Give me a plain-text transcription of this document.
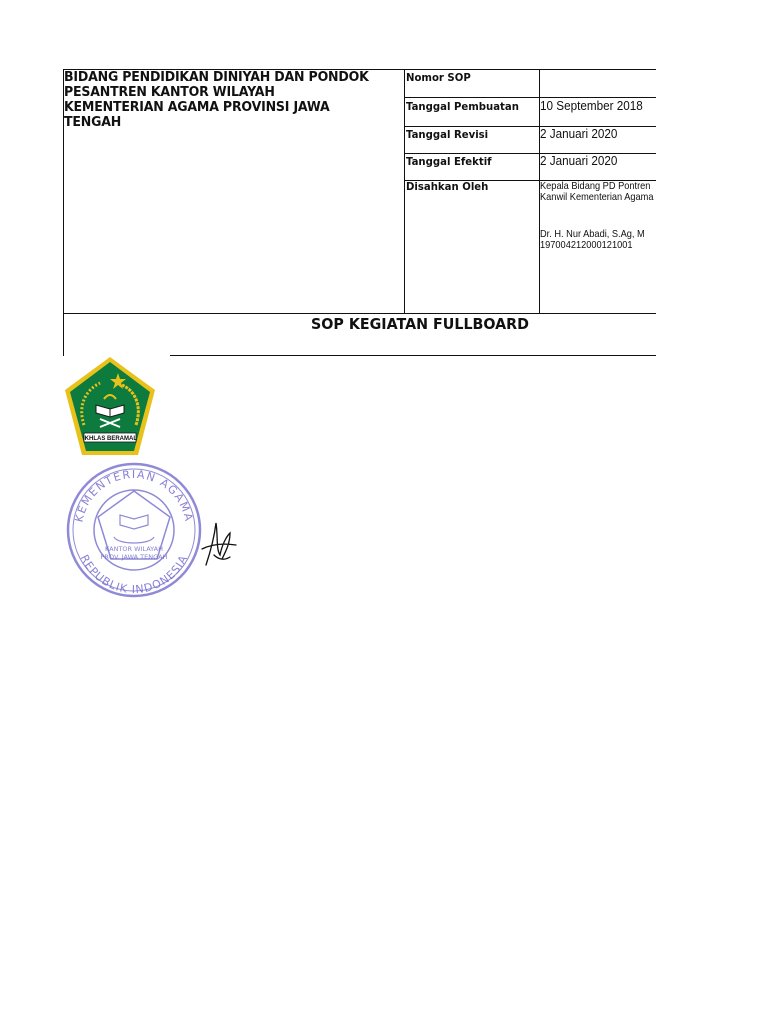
BIDANG PENDIDIKAN DINIYAH DAN PONDOK PESANTREN KANTOR WILAYAH KEMENTERIAN AGAMA PROVINSI JAWA TENGAH
Nomor SOP
Tanggal Pembuatan
Tanggal Revisi
Tanggal Efektif
Disahkan Oleh
10 September 2018
2 Januari 2020
2 Januari 2020
Kepala Bidang PD Pontren
Kanwil Kementerian Agama
Dr. H. Nur Abadi, S.Ag, M
197004212000121001
SOP KEGIATAN FULLBOARD
IKHLAS BERAMAL
KEMENTERIAN AGAMA
REPUBLIK INDONESIA
KANTOR WILAYAH
PROV. JAWA TENGAH
